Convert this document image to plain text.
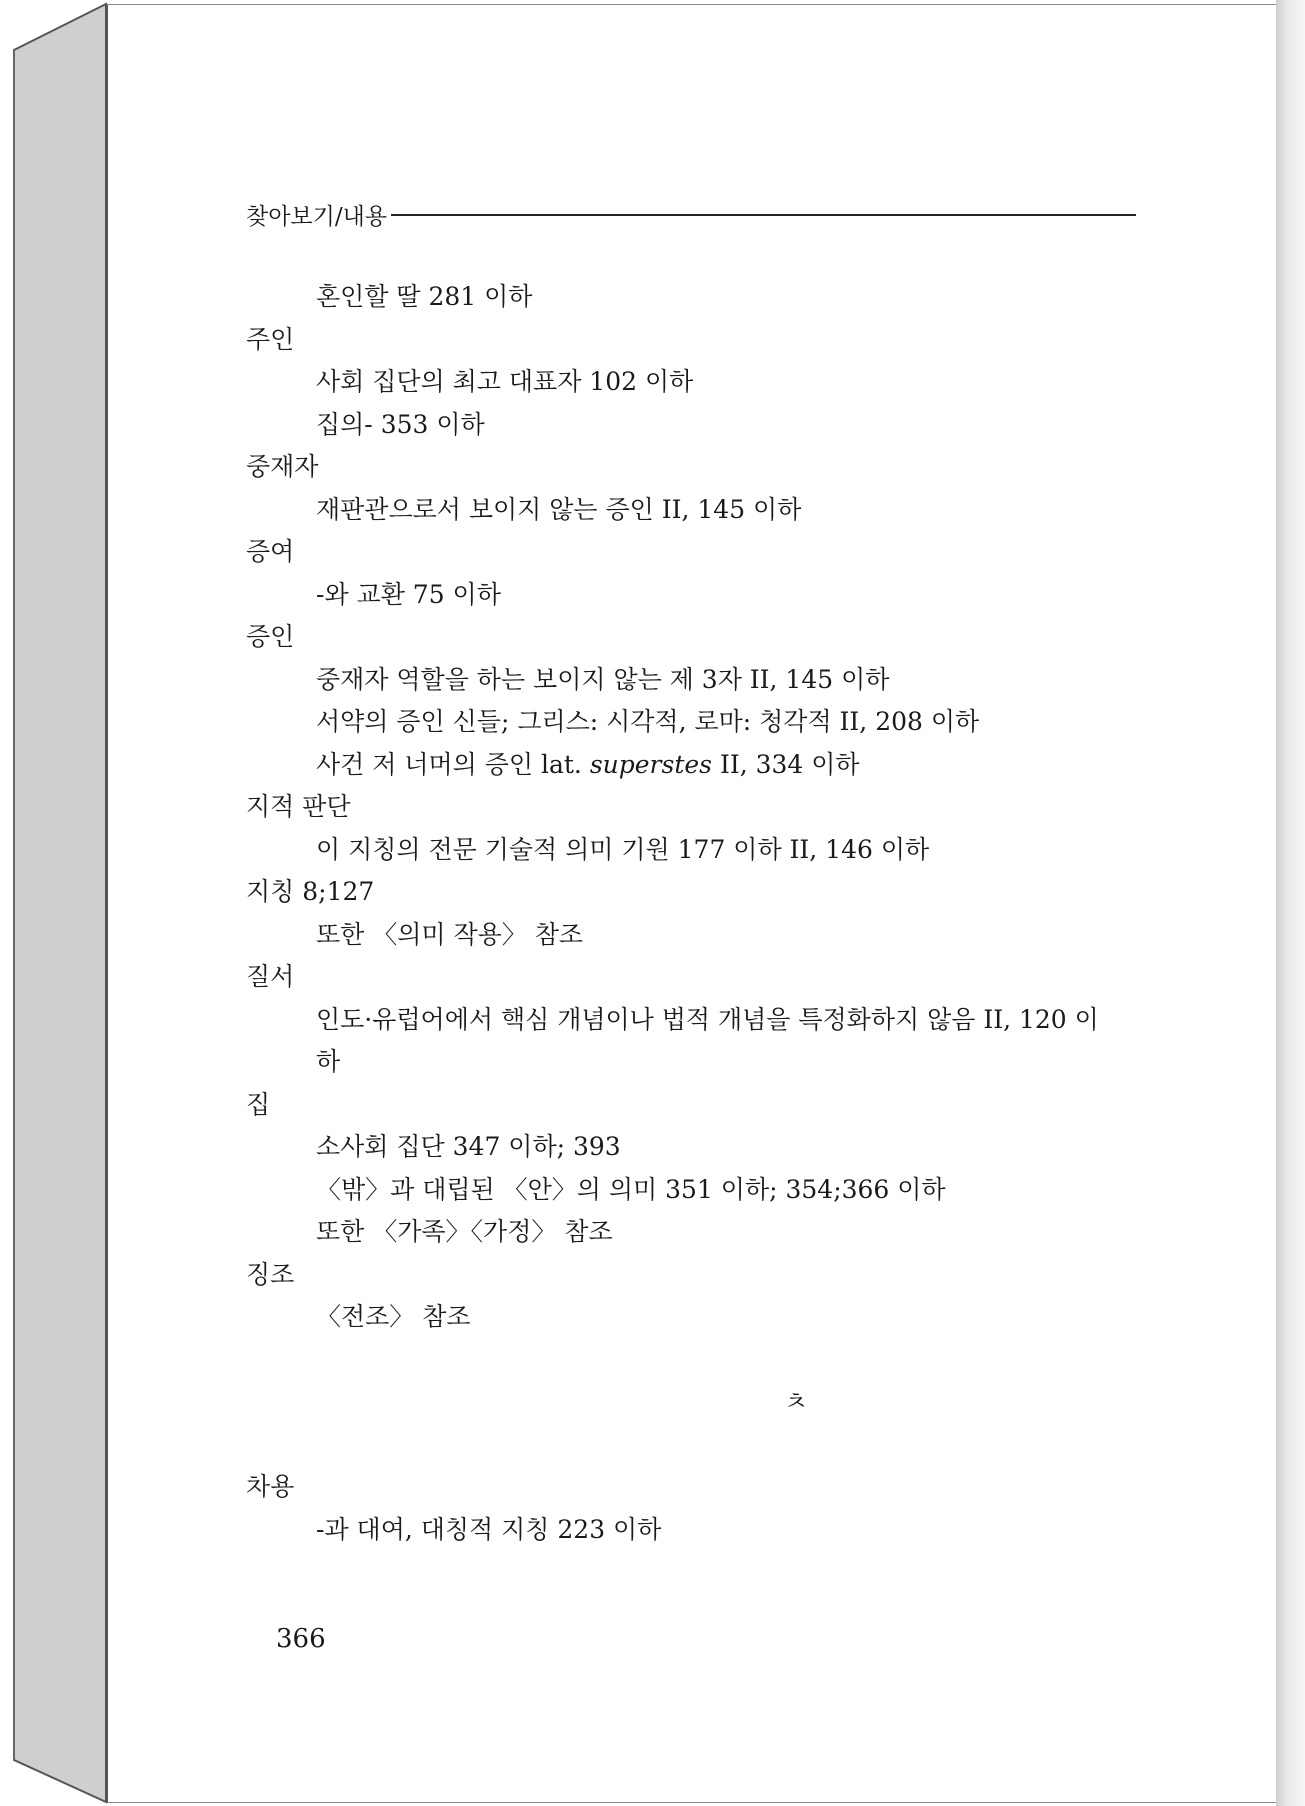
찾아보기/내용
혼인할 딸 281 이하
주인
사회 집단의 최고 대표자 102 이하
집의- 353 이하
중재자
재판관으로서 보이지 않는 증인 II, 145 이하
증여
-와 교환 75 이하
증인
중재자 역할을 하는 보이지 않는 제 3자 II, 145 이하
서약의 증인 신들; 그리스: 시각적, 로마: 청각적 II, 208 이하
사건 저 너머의 증인 lat. superstes II, 334 이하
지적 판단
이 지칭의 전문 기술적 의미 기원 177 이하 II, 146 이하
지칭 8;127
또한 〈의미 작용〉 참조
질서
인도·유럽어에서 핵심 개념이나 법적 개념을 특정화하지 않음 II, 120 이
하
집
소사회 집단 347 이하; 393
〈밖〉과 대립된 〈안〉의 의미 351 이하; 354;366 이하
또한 〈가족〉〈가정〉 참조
징조
〈전조〉 참조
ㅊ
차용
-과 대여, 대칭적 지칭 223 이하
366
